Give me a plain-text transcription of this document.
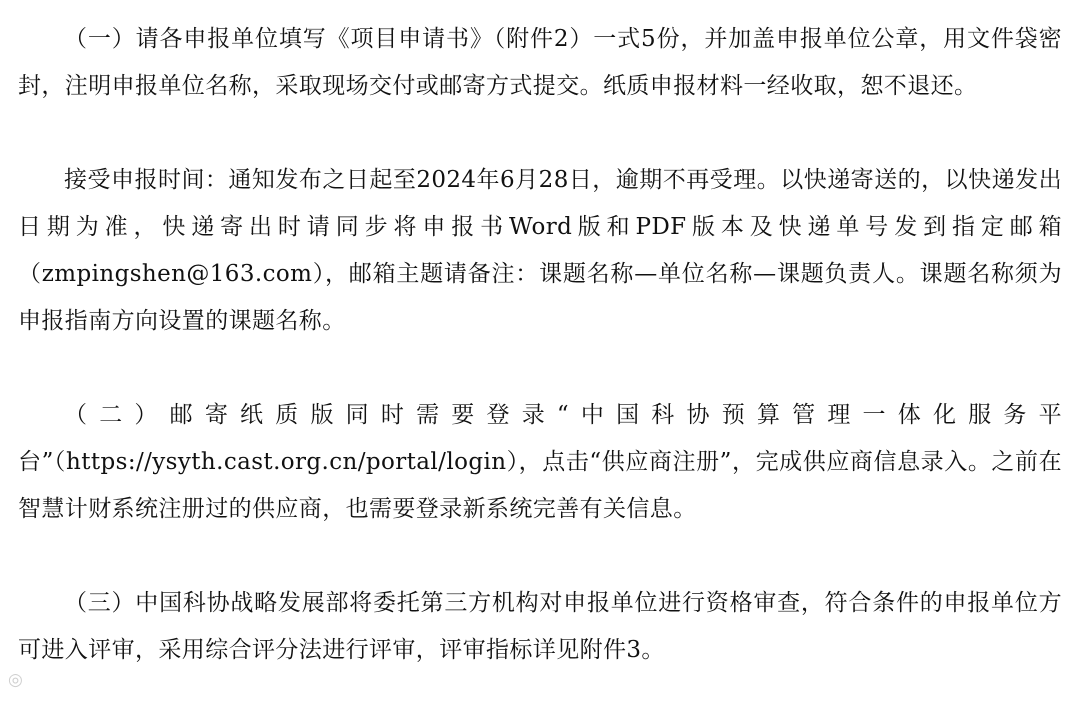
（一）请各申报单位填写《项目申请书》（附件2）一式5份，并加盖申报单位公章，用文件袋密封，注明申报单位名称，采取现场交付或邮寄方式提交。纸质申报材料一经收取，恕不退还。

接受申报时间：通知发布之日起至2024年6月28日，逾期不再受理。以快递寄送的，以快递发出日期为准，快递寄出时请同步将申报书Word版和PDF版本及快递单号发到指定邮箱（zmpingshen@163.com），邮箱主题请备注：课题名称—单位名称—课题负责人。课题名称须为申报指南方向设置的课题名称。

（二）邮寄纸质版同时需要登录“中国科协预算管理一体化服务平台”（https://ysyth.cast.org.cn/portal/login），点击“供应商注册”，完成供应商信息录入。之前在智慧计财系统注册过的供应商，也需要登录新系统完善有关信息。

（三）中国科协战略发展部将委托第三方机构对申报单位进行资格审查，符合条件的申报单位方可进入评审，采用综合评分法进行评审，评审指标详见附件3。

◎
